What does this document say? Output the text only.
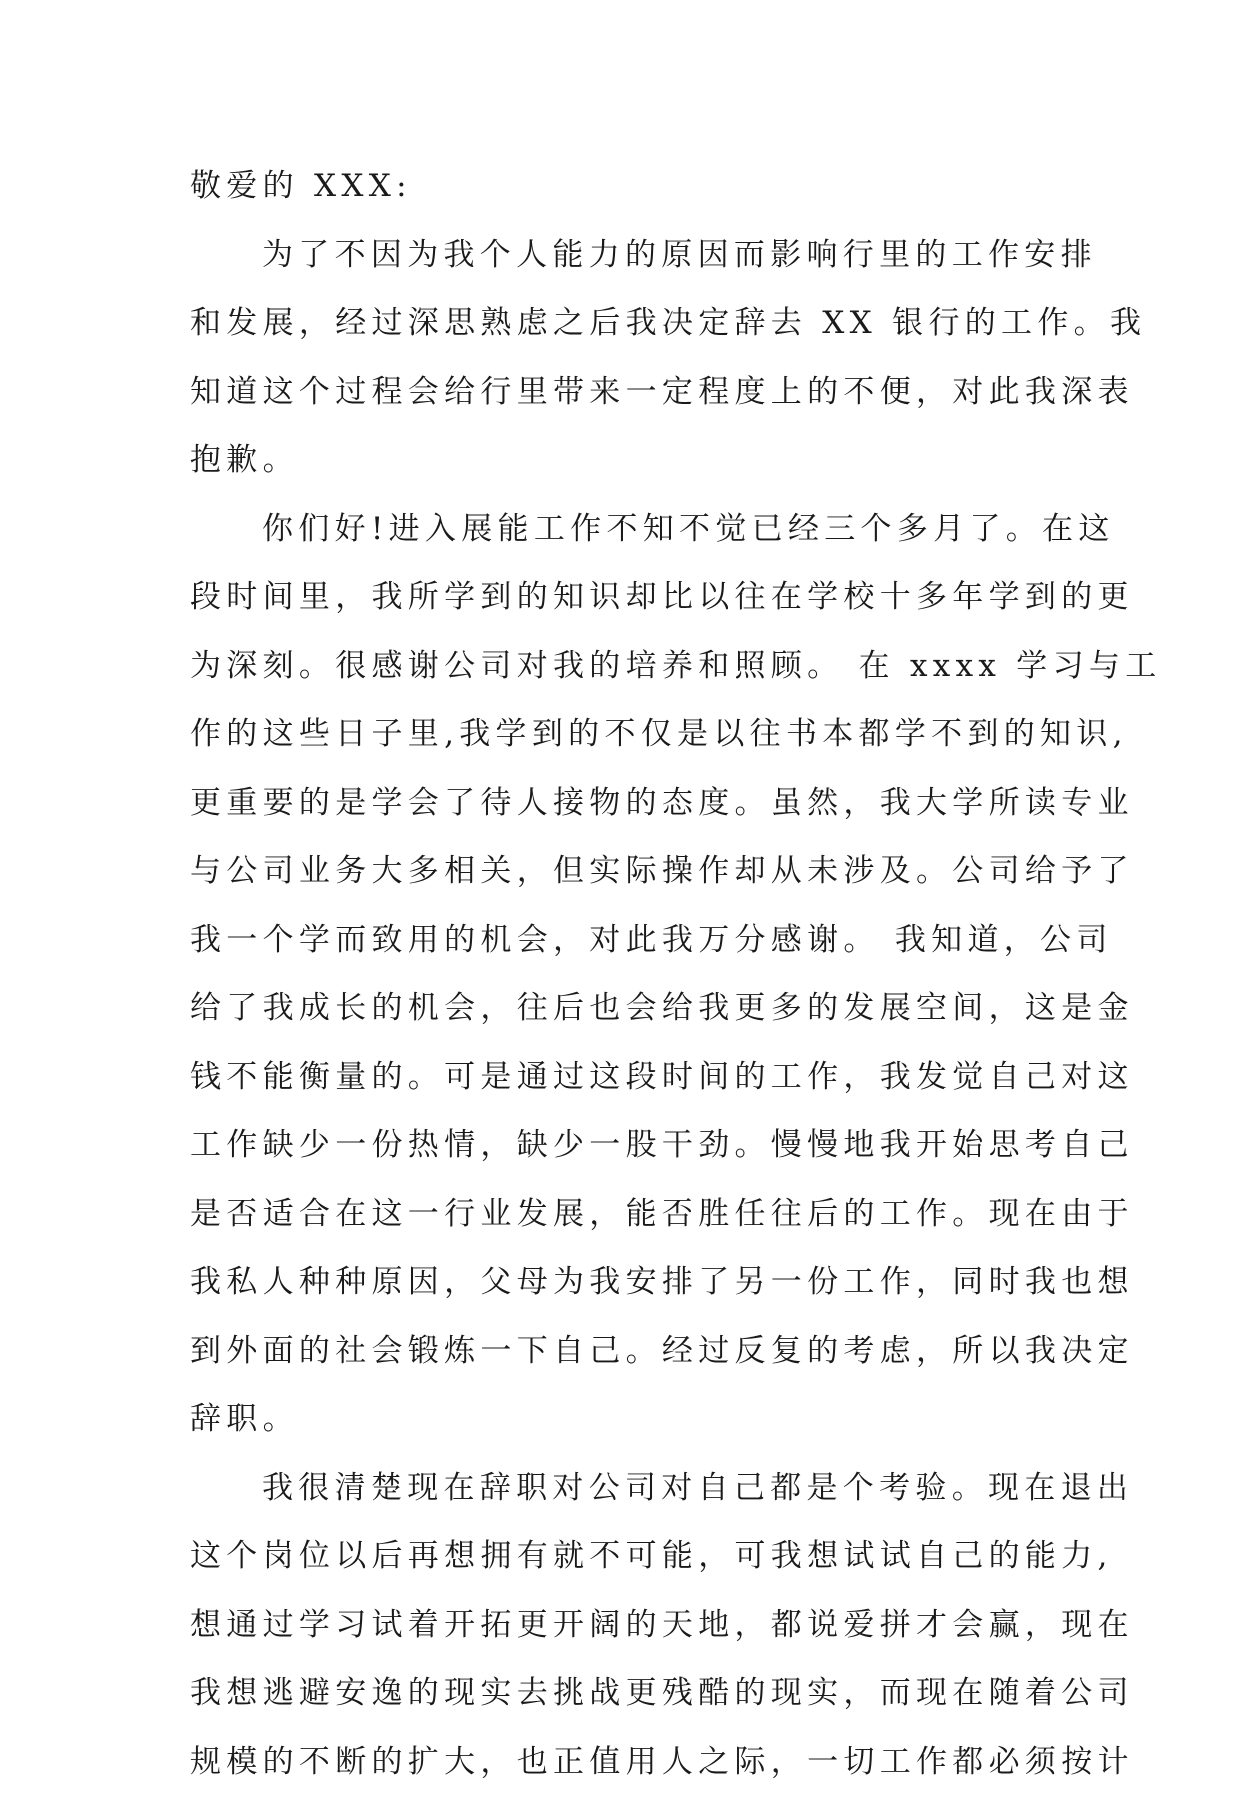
敬爱的 XXX:
为了不因为我个人能力的原因而影响行里的工作安排
和发展，经过深思熟虑之后我决定辞去 XX 银行的工作。我
知道这个过程会给行里带来一定程度上的不便，对此我深表
抱歉。
你们好!进入展能工作不知不觉已经三个多月了。在这
段时间里，我所学到的知识却比以往在学校十多年学到的更
为深刻。很感谢公司对我的培养和照顾。 在 xxxx 学习与工
作的这些日子里,我学到的不仅是以往书本都学不到的知识,
更重要的是学会了待人接物的态度。虽然，我大学所读专业
与公司业务大多相关，但实际操作却从未涉及。公司给予了
我一个学而致用的机会，对此我万分感谢。 我知道，公司
给了我成长的机会，往后也会给我更多的发展空间，这是金
钱不能衡量的。可是通过这段时间的工作，我发觉自己对这
工作缺少一份热情，缺少一股干劲。慢慢地我开始思考自己
是否适合在这一行业发展，能否胜任往后的工作。现在由于
我私人种种原因，父母为我安排了另一份工作，同时我也想
到外面的社会锻炼一下自己。经过反复的考虑，所以我决定
辞职。
我很清楚现在辞职对公司对自己都是个考验。现在退出
这个岗位以后再想拥有就不可能，可我想试试自己的能力,
想通过学习试着开拓更开阔的天地，都说爱拼才会赢，现在
我想逃避安逸的现实去挑战更残酷的现实，而现在随着公司
规模的不断的扩大，也正值用人之际，一切工作都必须按计
